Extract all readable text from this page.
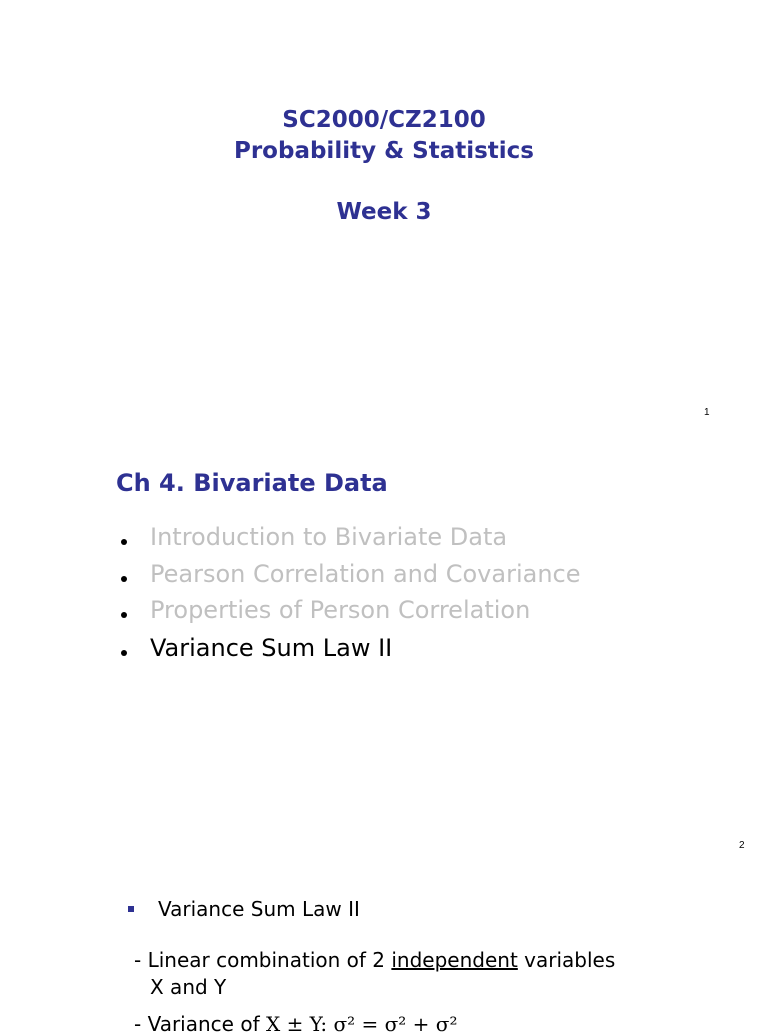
SC2000/CZ2100
Probability & Statistics
Week 3
1
Ch 4. Bivariate Data
Introduction to Bivariate Data
Pearson Correlation and Covariance
Properties of Person Correlation
Variance Sum Law II
2
Variance Sum Law II
- Linear combination of 2 independent variables
X and Y
- Variance of X ± Y: σ² = σ² + σ²
